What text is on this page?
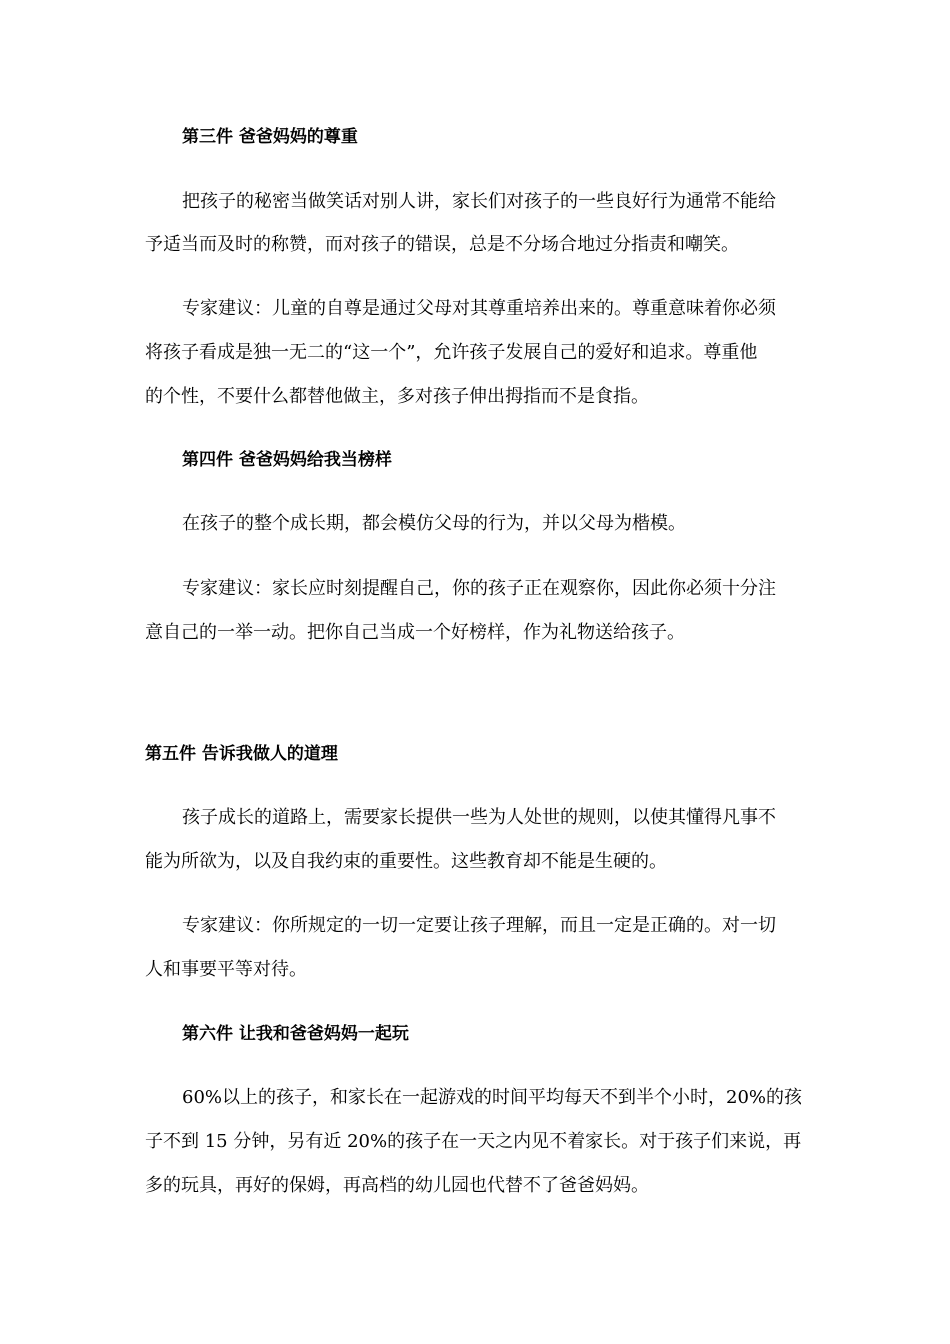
第三件 爸爸妈妈的尊重
把孩子的秘密当做笑话对别人讲，家长们对孩子的一些良好行为通常不能给
予适当而及时的称赞，而对孩子的错误，总是不分场合地过分指责和嘲笑。
专家建议：儿童的自尊是通过父母对其尊重培养出来的。尊重意味着你必须
将孩子看成是独一无二的“这一个”，允许孩子发展自己的爱好和追求。尊重他
的个性，不要什么都替他做主，多对孩子伸出拇指而不是食指。
第四件 爸爸妈妈给我当榜样
在孩子的整个成长期，都会模仿父母的行为，并以父母为楷模。
专家建议：家长应时刻提醒自己，你的孩子正在观察你，因此你必须十分注
意自己的一举一动。把你自己当成一个好榜样，作为礼物送给孩子。
第五件 告诉我做人的道理
孩子成长的道路上，需要家长提供一些为人处世的规则，以使其懂得凡事不
能为所欲为，以及自我约束的重要性。这些教育却不能是生硬的。
专家建议：你所规定的一切一定要让孩子理解，而且一定是正确的。对一切
人和事要平等对待。
第六件 让我和爸爸妈妈一起玩
60%以上的孩子，和家长在一起游戏的时间平均每天不到半个小时，20%的孩
子不到 15 分钟，另有近 20%的孩子在一天之内见不着家长。对于孩子们来说，再
多的玩具，再好的保姆，再高档的幼儿园也代替不了爸爸妈妈。
